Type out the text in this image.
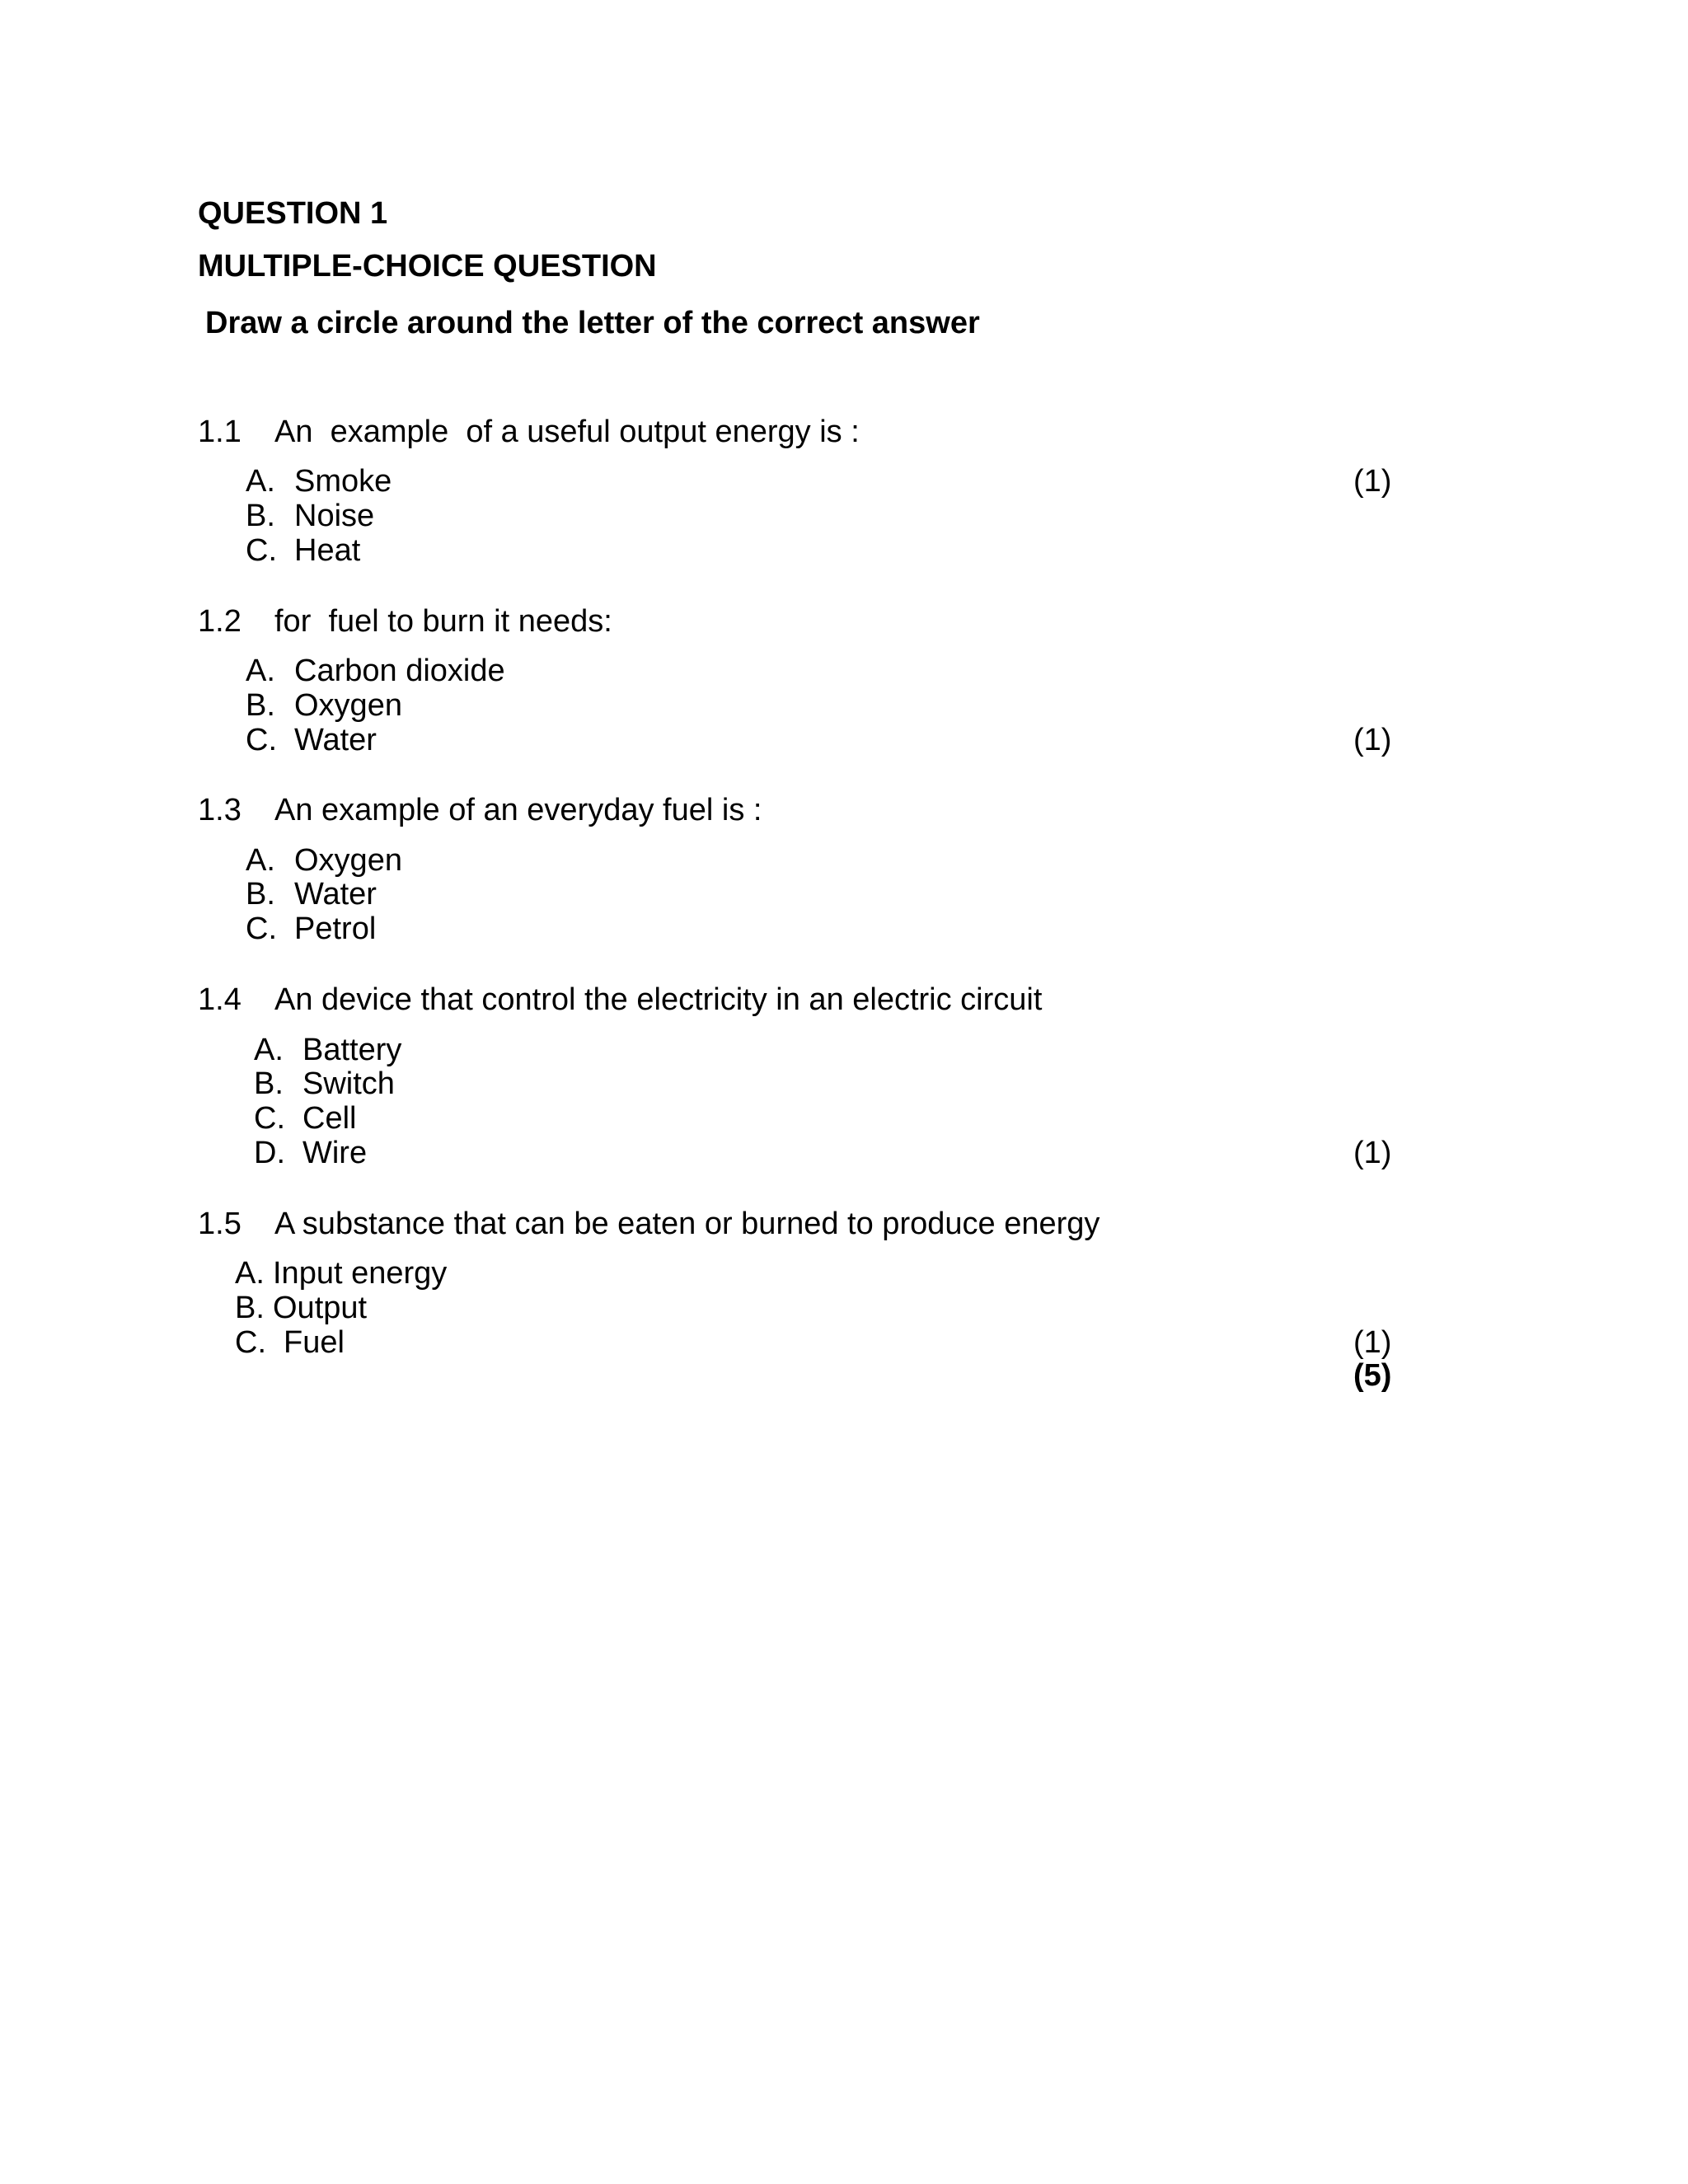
QUESTION 1
MULTIPLE-CHOICE QUESTION
Draw a circle around the letter of the correct answer
1.1 An  example  of a useful output energy is :
A. Smoke
B. Noise
C. Heat
(1)
1.2 for  fuel to burn it needs:
A. Carbon dioxide
B. Oxygen
C. Water	(1)
1.3 An example of an everyday fuel is :
A. Oxygen
B. Water
C. Petrol
1.4 An device that control the electricity in an electric circuit
A. Battery
B. Switch
C. Cell
D. Wire	(1)
1.5 A substance that can be eaten or burned to produce energy
A. Input energy
B. Output
C. Fuel	(1)
(5)
